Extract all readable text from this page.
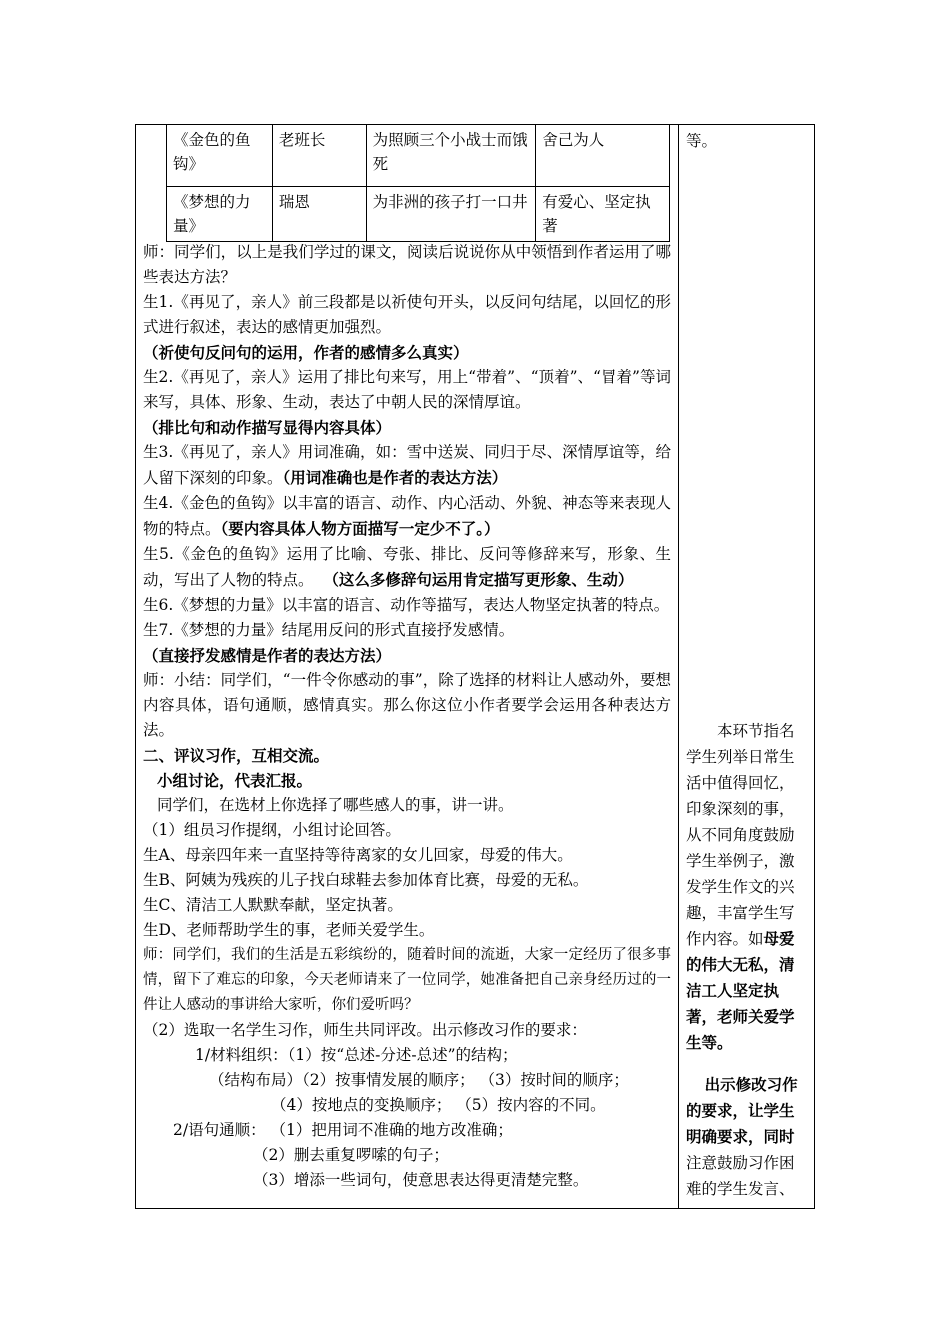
《金色的鱼钩》	老班长	为照顾三个小战士而饿死	舍己为人
《梦想的力量》	瑞恩	为非洲的孩子打一口井	有爱心、坚定执著

师：同学们，以上是我们学过的课文，阅读后说说你从中领悟到作者运用了哪些表达方法？

生1.《再见了，亲人》前三段都是以祈使句开头，以反问句结尾，以回忆的形式进行叙述，表达的感情更加强烈。

（祈使句反问句的运用，作者的感情多么真实）

生2.《再见了，亲人》运用了排比句来写，用上“带着”、“顶着”、“冒着”等词来写，具体、形象、生动，表达了中朝人民的深情厚谊。

（排比句和动作描写显得内容具体）

生3.《再见了，亲人》用词准确，如：雪中送炭、同归于尽、深情厚谊等，给人留下深刻的印象。（用词准确也是作者的表达方法）

生4.《金色的鱼钩》以丰富的语言、动作、内心活动、外貌、神态等来表现人物的特点。（要内容具体人物方面描写一定少不了。）

生5.《金色的鱼钩》运用了比喻、夸张、排比、反问等修辞来写，形象、生动，写出了人物的特点。 （这么多修辞句运用肯定描写更形象、生动）

生6.《梦想的力量》以丰富的语言、动作等描写，表达人物坚定执著的特点。

生7.《梦想的力量》结尾用反问的形式直接抒发感情。

（直接抒发感情是作者的表达方法）

师：小结：同学们，“一件令你感动的事”，除了选择的材料让人感动外，要想内容具体，语句通顺，感情真实。那么你这位小作者要学会运用各种表达方法。

二、评议习作，互相交流。

小组讨论，代表汇报。

同学们，在选材上你选择了哪些感人的事，讲一讲。

（1）组员习作提纲，小组讨论回答。

生A、母亲四年来一直坚持等待离家的女儿回家，母爱的伟大。

生B、阿姨为残疾的儿子找白球鞋去参加体育比赛，母爱的无私。

生C、清洁工人默默奉献，坚定执著。

生D、老师帮助学生的事，老师关爱学生。

师：同学们，我们的生活是五彩缤纷的，随着时间的流逝，大家一定经历了很多事情，留下了难忘的印象，今天老师请来了一位同学，她准备把自己亲身经历过的一件让人感动的事讲给大家听，你们爱听吗？

（2）选取一名学生习作，师生共同评改。出示修改习作的要求：

1/材料组织：（1）按“总述-分述-总述”的结构；

（结构布局）（2）按事情发展的顺序； （3）按时间的顺序；

（4）按地点的变换顺序； （5）按内容的不同。

2/语句通顺： （1）把用词不准确的地方改准确；

（2）删去重复啰嗦的句子；

（3）增添一些词句，使意思表达得更清楚完整。

等。

本环节指名学生列举日常生活中值得回忆，印象深刻的事，从不同角度鼓励学生举例子，激发学生作文的兴趣，丰富学生写作内容。如母爱的伟大无私，清洁工人坚定执著，老师关爱学生等。

出示修改习作的要求，让学生明确要求，同时注意鼓励习作困难的学生发言、
